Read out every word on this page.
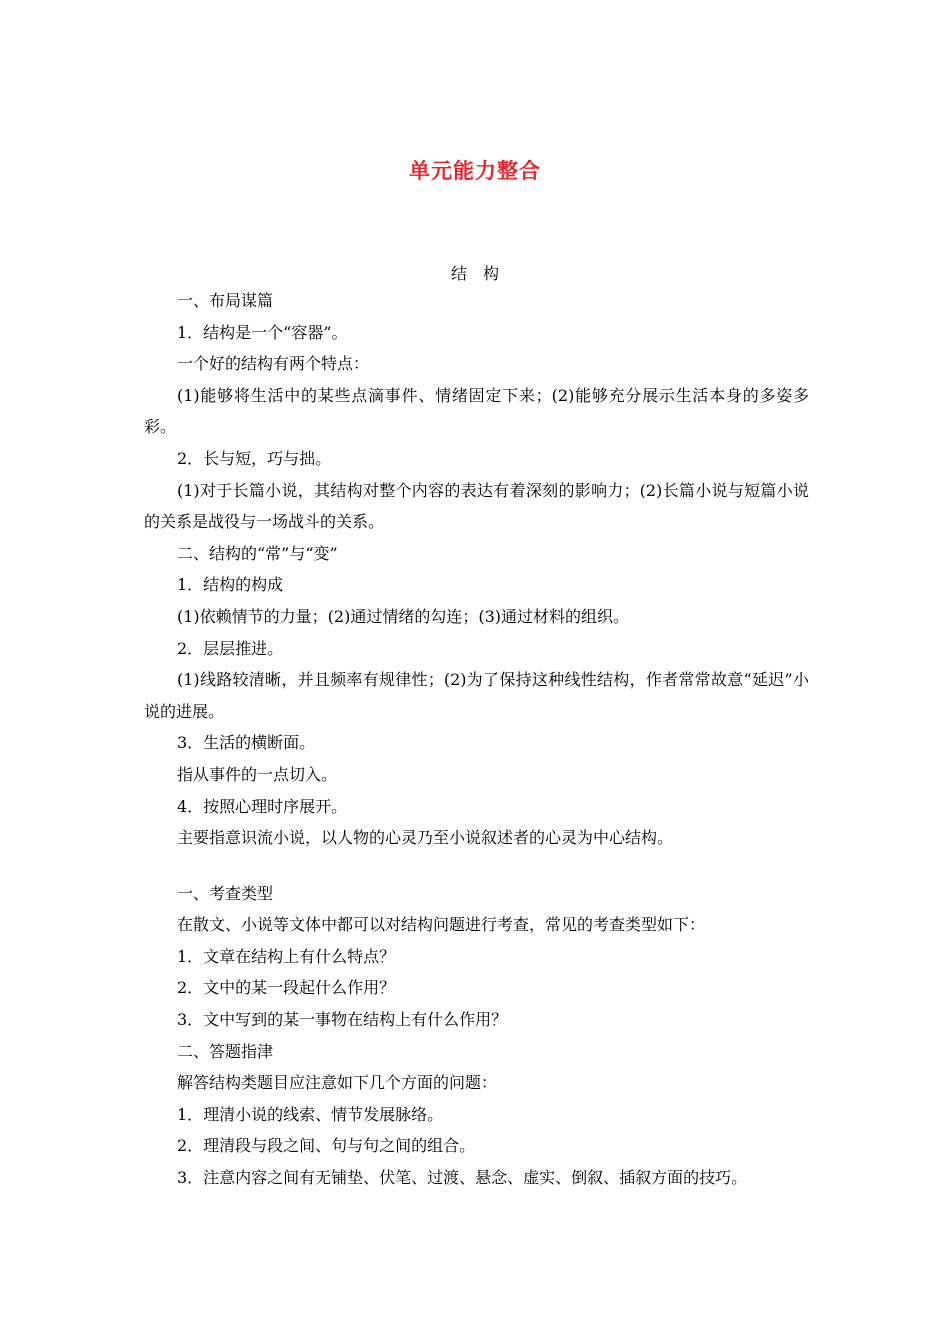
单元能力整合
结　构

一、布局谋篇

1．结构是一个“容器”。

一个好的结构有两个特点：

(1)能够将生活中的某些点滴事件、情绪固定下来；(2)能够充分展示生活本身的多姿多彩。

2．长与短，巧与拙。

(1)对于长篇小说，其结构对整个内容的表达有着深刻的影响力；(2)长篇小说与短篇小说的关系是战役与一场战斗的关系。

二、结构的“常”与“变”

1．结构的构成

(1)依赖情节的力量；(2)通过情绪的勾连；(3)通过材料的组织。

2．层层推进。

(1)线路较清晰，并且频率有规律性；(2)为了保持这种线性结构，作者常常故意“延迟”小说的进展。

3．生活的横断面。

指从事件的一点切入。

4．按照心理时序展开。

主要指意识流小说，以人物的心灵乃至小说叙述者的心灵为中心结构。

一、考查类型

在散文、小说等文体中都可以对结构问题进行考查，常见的考查类型如下：

1．文章在结构上有什么特点？

2．文中的某一段起什么作用？

3．文中写到的某一事物在结构上有什么作用？

二、答题指津

解答结构类题目应注意如下几个方面的问题：

1．理清小说的线索、情节发展脉络。

2．理清段与段之间、句与句之间的组合。

3．注意内容之间有无铺垫、伏笔、过渡、悬念、虚实、倒叙、插叙方面的技巧。
